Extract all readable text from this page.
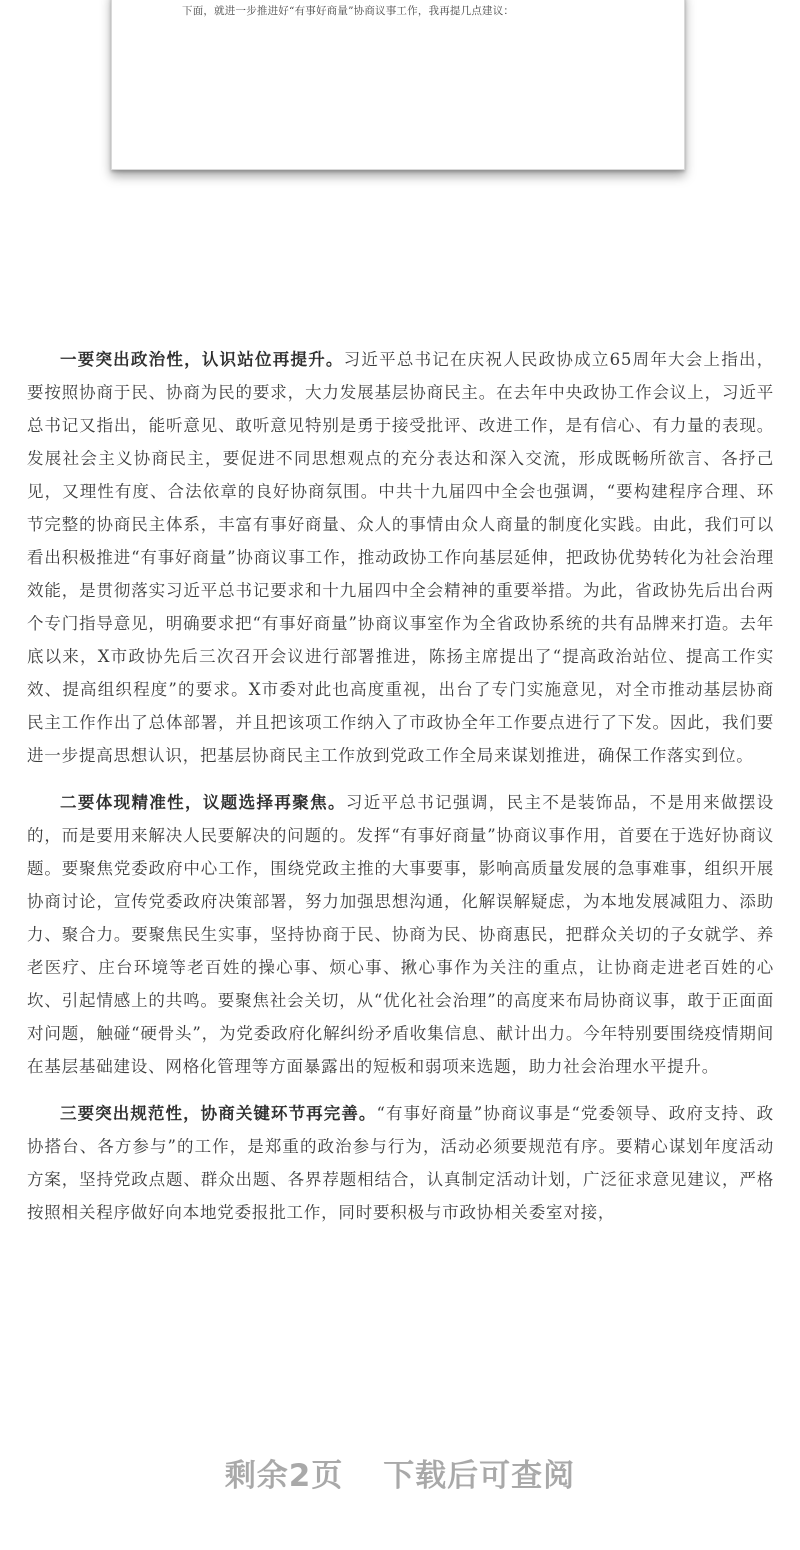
下面，就进一步推进好“有事好商量”协商议事工作，我再提几点建议：

一要突出政治性，认识站位再提升。习近平总书记在庆祝人民政协成立65周年大会上指出，要按照协商于民、协商为民的要求，大力发展基层协商民主。在去年中央政协工作会议上，习近平总书记又指出，能听意见、敢听意见特别是勇于接受批评、改进工作，是有信心、有力量的表现。发展社会主义协商民主，要促进不同思想观点的充分表达和深入交流，形成既畅所欲言、各抒己见，又理性有度、合法依章的良好协商氛围。中共十九届四中全会也强调，“要构建程序合理、环节完整的协商民主体系，丰富有事好商量、众人的事情由众人商量的制度化实践。由此，我们可以看出积极推进“有事好商量”协商议事工作，推动政协工作向基层延伸，把政协优势转化为社会治理效能，是贯彻落实习近平总书记要求和十九届四中全会精神的重要举措。为此，省政协先后出台两个专门指导意见，明确要求把“有事好商量”协商议事室作为全省政协系统的共有品牌来打造。去年底以来，X市政协先后三次召开会议进行部署推进，陈扬主席提出了“提高政治站位、提高工作实效、提高组织程度”的要求。X市委对此也高度重视，出台了专门实施意见，对全市推动基层协商民主工作作出了总体部署，并且把该项工作纳入了市政协全年工作要点进行了下发。因此，我们要进一步提高思想认识，把基层协商民主工作放到党政工作全局来谋划推进，确保工作落实到位。

二要体现精准性，议题选择再聚焦。习近平总书记强调，民主不是装饰品，不是用来做摆设的，而是要用来解决人民要解决的问题的。发挥“有事好商量”协商议事作用，首要在于选好协商议题。要聚焦党委政府中心工作，围绕党政主推的大事要事，影响高质量发展的急事难事，组织开展协商讨论，宣传党委政府决策部署，努力加强思想沟通，化解误解疑虑，为本地发展减阻力、添助力、聚合力。要聚焦民生实事，坚持协商于民、协商为民、协商惠民，把群众关切的子女就学、养老医疗、庄台环境等老百姓的操心事、烦心事、揪心事作为关注的重点，让协商走进老百姓的心坎、引起情感上的共鸣。要聚焦社会关切，从“优化社会治理”的高度来布局协商议事，敢于正面面对问题，触碰“硬骨头”，为党委政府化解纠纷矛盾收集信息、献计出力。今年特别要围绕疫情期间在基层基础建设、网格化管理等方面暴露出的短板和弱项来选题，助力社会治理水平提升。

三要突出规范性，协商关键环节再完善。“有事好商量”协商议事是“党委领导、政府支持、政协搭台、各方参与”的工作，是郑重的政治参与行为，活动必须要规范有序。要精心谋划年度活动方案，坚持党政点题、群众出题、各界荐题相结合，认真制定活动计划，广泛征求意见建议，严格按照相关程序做好向本地党委报批工作，同时要积极与市政协相关委室对接，

剩余2页 下载后可查阅
